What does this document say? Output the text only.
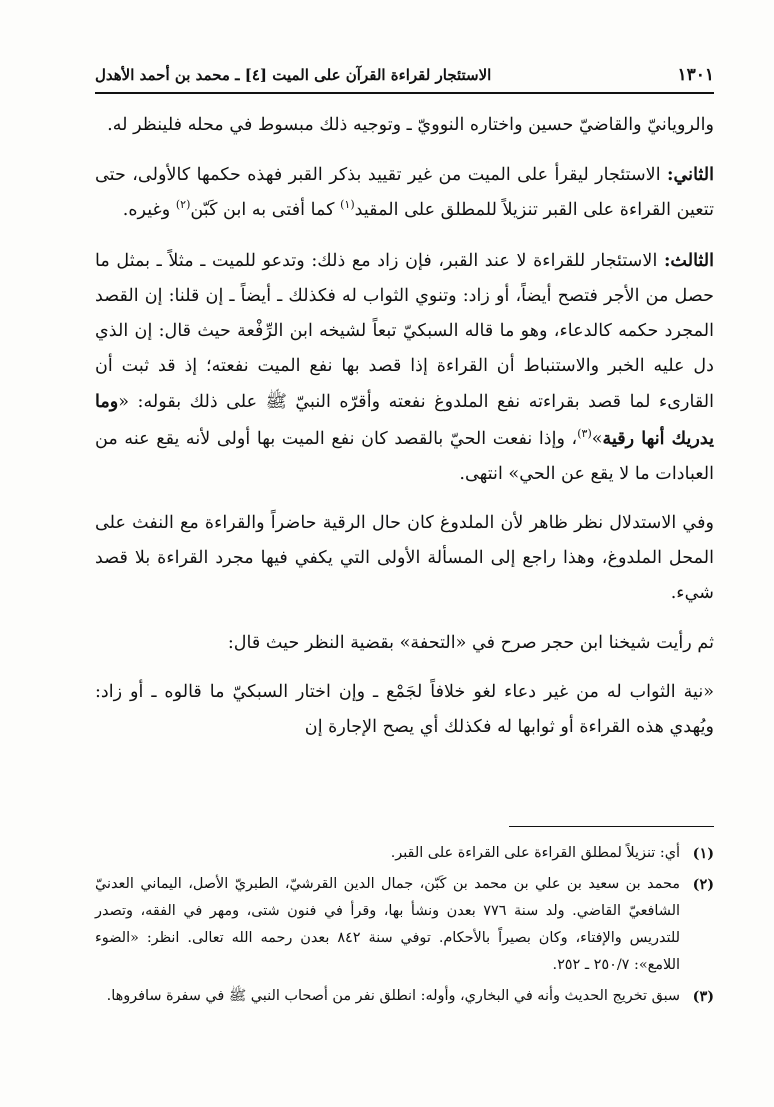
الاستئجار لقراءة القرآن على الميت [٤] ـ محمد بن أحمد الأهدل	١٣٠١

والرويانيّ والقاضيّ حسين واختاره النوويّ ـ وتوجيه ذلك مبسوط في محله فلينظر له.

الثاني: الاستئجار ليقرأ على الميت من غير تقييد بذكر القبر فهذه حكمها كالأولى، حتى تتعين القراءة على القبر تنزيلاً للمطلق على المقيد$^{(١)}$ كما أفتى به ابن كَبّن$^{(٢)}$ وغيره.

الثالث: الاستئجار للقراءة لا عند القبر، فإن زاد مع ذلك: وتدعو للميت ـ مثلاً ـ بمثل ما حصل من الأجر فتصح أيضاً، أو زاد: وتنوي الثواب له فكذلك ـ أيضاً ـ إن قلنا: إن القصد المجرد حكمه كالدعاء، وهو ما قاله السبكيّ تبعاً لشيخه ابن الرِّفْعة حيث قال: إن الذي دل عليه الخبر والاستنباط أن القراءة إذا قصد بها نفع الميت نفعته؛ إذ قد ثبت أن القارىء لما قصد بقراءته نفع الملدوغ نفعته وأقرّه النبيّ ﷺ على ذلك بقوله: «وما يدريك أنها رقية»$^{(٣)}$، وإذا نفعت الحيّ بالقصد كان نفع الميت بها أولى لأنه يقع عنه من العبادات ما لا يقع عن الحي» انتهى.

وفي الاستدلال نظر ظاهر لأن الملدوغ كان حال الرقية حاضراً والقراءة مع النفث على المحل الملدوغ، وهذا راجع إلى المسألة الأولى التي يكفي فيها مجرد القراءة بلا قصد شيء.

ثم رأيت شيخنا ابن حجر صرح في «التحفة» بقضية النظر حيث قال:

«نية الثواب له من غير دعاء لغو خلافاً لجَمْع ـ وإن اختار السبكيّ ما قالوه ـ أو زاد: ويُهدي هذه القراءة أو ثوابها له فكذلك أي يصح الإجارة إن

(١)
أي: تنزيلاً لمطلق القراءة على القراءة على القبر.
(٢)
محمد بن سعيد بن علي بن محمد بن كَبّن، جمال الدين القرشيّ، الطبريّ الأصل، اليماني العدنيّ الشافعيّ القاضي. ولد سنة ٧٧٦ بعدن ونشأ بها، وقرأ في فنون شتى، ومهر في الفقه، وتصدر للتدريس والإفتاء، وكان بصيراً بالأحكام. توفي سنة ٨٤٢ بعدن رحمه الله تعالى. انظر: «الضوء اللامع»: ٢٥٠/٧ ـ ٢٥٢.
(٣)
سبق تخريج الحديث وأنه في البخاري، وأوله: انطلق نفر من أصحاب النبي ﷺ في سفرة سافروها.
